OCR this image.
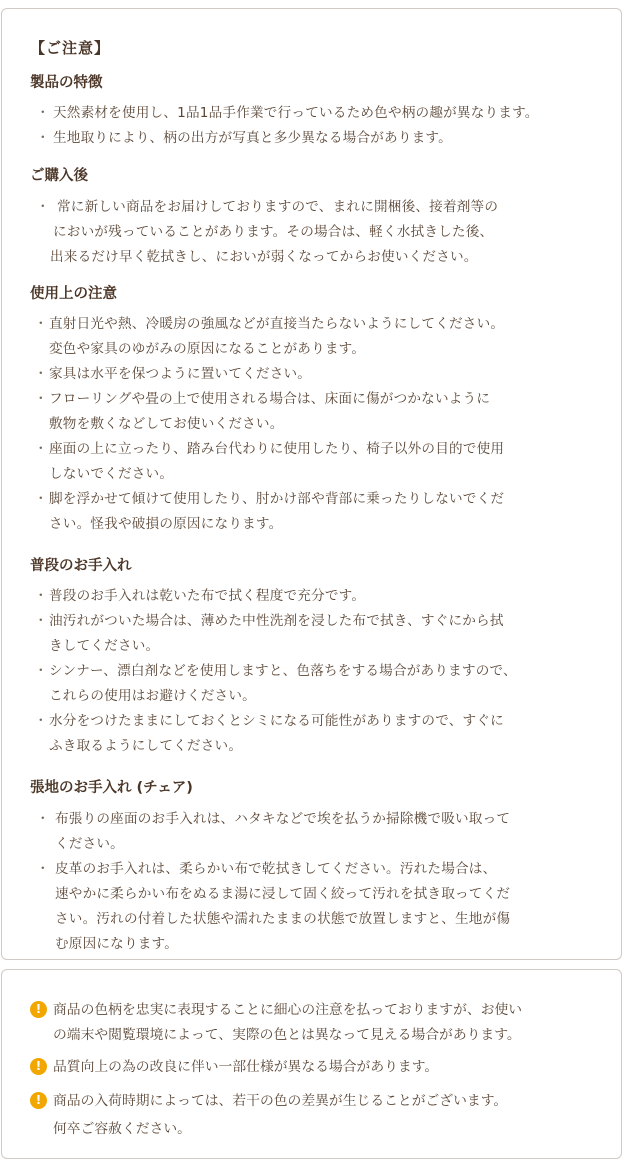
【ご注意】
製品の特徴
・ 天然素材を使用し、1品1品手作業で行っているため色や柄の趣が異なります。
・ 生地取りにより、柄の出方が写真と多少異なる場合があります。
ご購入後
・ 常に新しい商品をお届けしておりますので、まれに開梱後、接着剤等の
においが残っていることがあります。その場合は、軽く水拭きした後、
出来るだけ早く乾拭きし、においが弱くなってからお使いください。
使用上の注意
・ 直射日光や熱、冷暖房の強風などが直接当たらないようにしてください。
変色や家具のゆがみの原因になることがあります。
・ 家具は水平を保つように置いてください。
・ フローリングや畳の上で使用される場合は、床面に傷がつかないように
敷物を敷くなどしてお使いください。
・ 座面の上に立ったり、踏み台代わりに使用したり、椅子以外の目的で使用
しないでください。
・ 脚を浮かせて傾けて使用したり、肘かけ部や背部に乗ったりしないでくだ
さい。怪我や破損の原因になります。
普段のお手入れ
・ 普段のお手入れは乾いた布で拭く程度で充分です。
・ 油汚れがついた場合は、薄めた中性洗剤を浸した布で拭き、すぐにから拭
きしてください。
・ シンナー、漂白剤などを使用しますと、色落ちをする場合がありますので、
これらの使用はお避けください。
・ 水分をつけたままにしておくとシミになる可能性がありますので、すぐに
ふき取るようにしてください。
張地のお手入れ (チェア)
・ 布張りの座面のお手入れは、ハタキなどで埃を払うか掃除機で吸い取って
ください。
・ 皮革のお手入れは、柔らかい布で乾拭きしてください。汚れた場合は、
速やかに柔らかい布をぬるま湯に浸して固く絞って汚れを拭き取ってくだ
さい。汚れの付着した状態や濡れたままの状態で放置しますと、生地が傷
む原因になります。
! 商品の色柄を忠実に表現することに細心の注意を払っておりますが、お使い
の端末や閲覧環境によって、実際の色とは異なって見える場合があります。
! 品質向上の為の改良に伴い一部仕様が異なる場合があります。
商品の入荷時期によっては、若干の色の差異が生じることがございます。
!
何卒ご容赦ください。
